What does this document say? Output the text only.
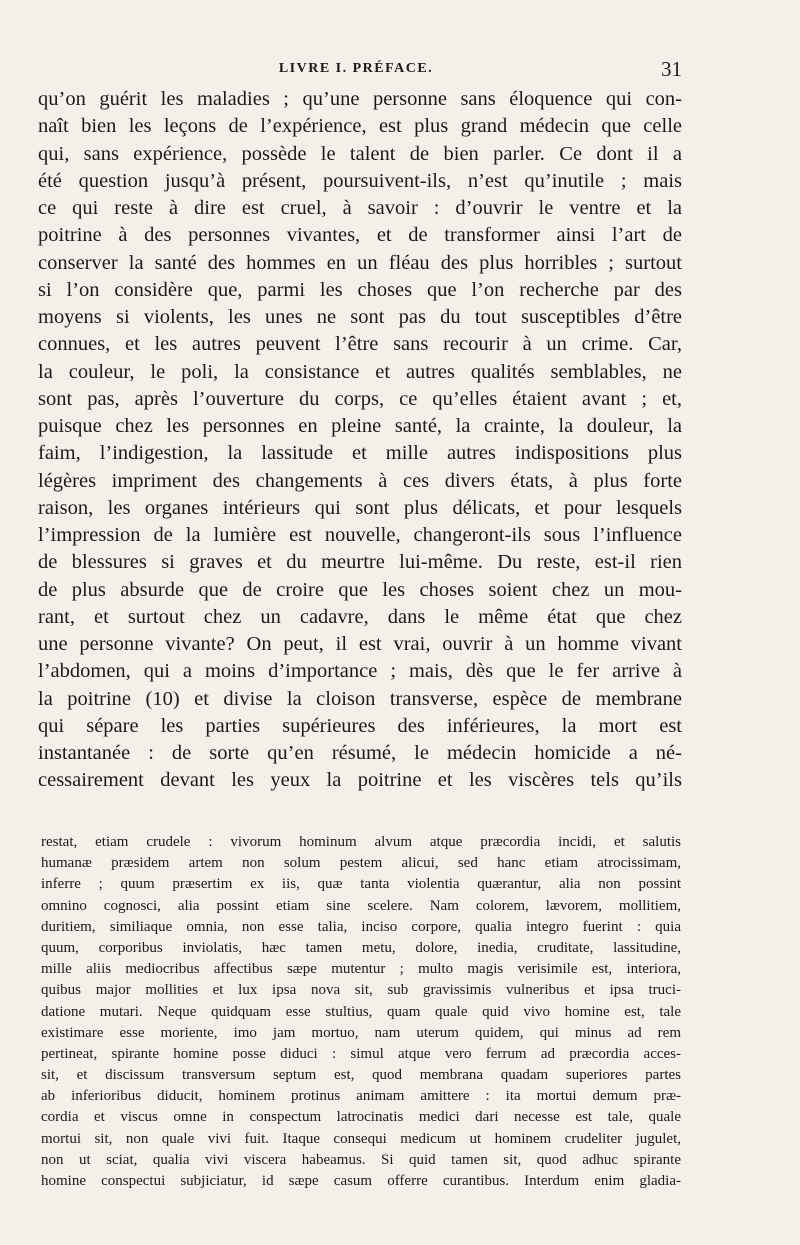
LIVRE I. PRÉFACE.	31
qu’on guérit les maladies ; qu’une personne sans éloquence qui con-
naît bien les leçons de l’expérience, est plus grand médecin que celle
qui, sans expérience, possède le talent de bien parler. Ce dont il a
été question jusqu’à présent, poursuivent-ils, n’est qu’inutile ; mais
ce qui reste à dire est cruel, à savoir : d’ouvrir le ventre et la
poitrine à des personnes vivantes, et de transformer ainsi l’art de
conserver la santé des hommes en un fléau des plus horribles ; surtout
si l’on considère que, parmi les choses que l’on recherche par des
moyens si violents, les unes ne sont pas du tout susceptibles d’être
connues, et les autres peuvent l’être sans recourir à un crime. Car,
la couleur, le poli, la consistance et autres qualités semblables, ne
sont pas, après l’ouverture du corps, ce qu’elles étaient avant ; et,
puisque chez les personnes en pleine santé, la crainte, la douleur, la
faim, l’indigestion, la lassitude et mille autres indispositions plus
légères impriment des changements à ces divers états, à plus forte
raison, les organes intérieurs qui sont plus délicats, et pour lesquels
l’impression de la lumière est nouvelle, changeront-ils sous l’influence
de blessures si graves et du meurtre lui-même. Du reste, est-il rien
de plus absurde que de croire que les choses soient chez un mou-
rant, et surtout chez un cadavre, dans le même état que chez
une personne vivante? On peut, il est vrai, ouvrir à un homme vivant
l’abdomen, qui a moins d’importance ; mais, dès que le fer arrive à
la poitrine (10) et divise la cloison transverse, espèce de membrane
qui sépare les parties supérieures des inférieures, la mort est
instantanée : de sorte qu’en résumé, le médecin homicide a né-
cessairement devant les yeux la poitrine et les viscères tels qu’ils
restat, etiam crudele : vivorum hominum alvum atque præcordia incidi, et salutis
humanæ præsidem artem non solum pestem alicui, sed hanc etiam atrocissimam,
inferre ; quum præsertim ex iis, quæ tanta violentia quærantur, alia non possint
omnino cognosci, alia possint etiam sine scelere. Nam colorem, lævorem, mollitiem,
duritiem, similiaque omnia, non esse talia, inciso corpore, qualia integro fuerint : quia
quum, corporibus inviolatis, hæc tamen metu, dolore, inedia, cruditate, lassitudine,
mille aliis mediocribus affectibus sæpe mutentur ; multo magis verisimile est, interiora,
quibus major mollities et lux ipsa nova sit, sub gravissimis vulneribus et ipsa truci-
datione mutari. Neque quidquam esse stultius, quam quale quid vivo homine est, tale
existimare esse moriente, imo jam mortuo, nam uterum quidem, qui minus ad rem
pertineat, spirante homine posse diduci : simul atque vero ferrum ad præcordia acces-
sit, et discissum transversum septum est, quod membrana quadam superiores partes
ab inferioribus diducit, hominem protinus animam amittere : ita mortui demum præ-
cordia et viscus omne in conspectum latrocinatis medici dari necesse est tale, quale
mortui sit, non quale vivi fuit. Itaque consequi medicum ut hominem crudeliter jugulet,
non ut sciat, qualia vivi viscera habeamus. Si quid tamen sit, quod adhuc spirante
homine conspectui subjiciatur, id sæpe casum offerre curantibus. Interdum enim gladia-
